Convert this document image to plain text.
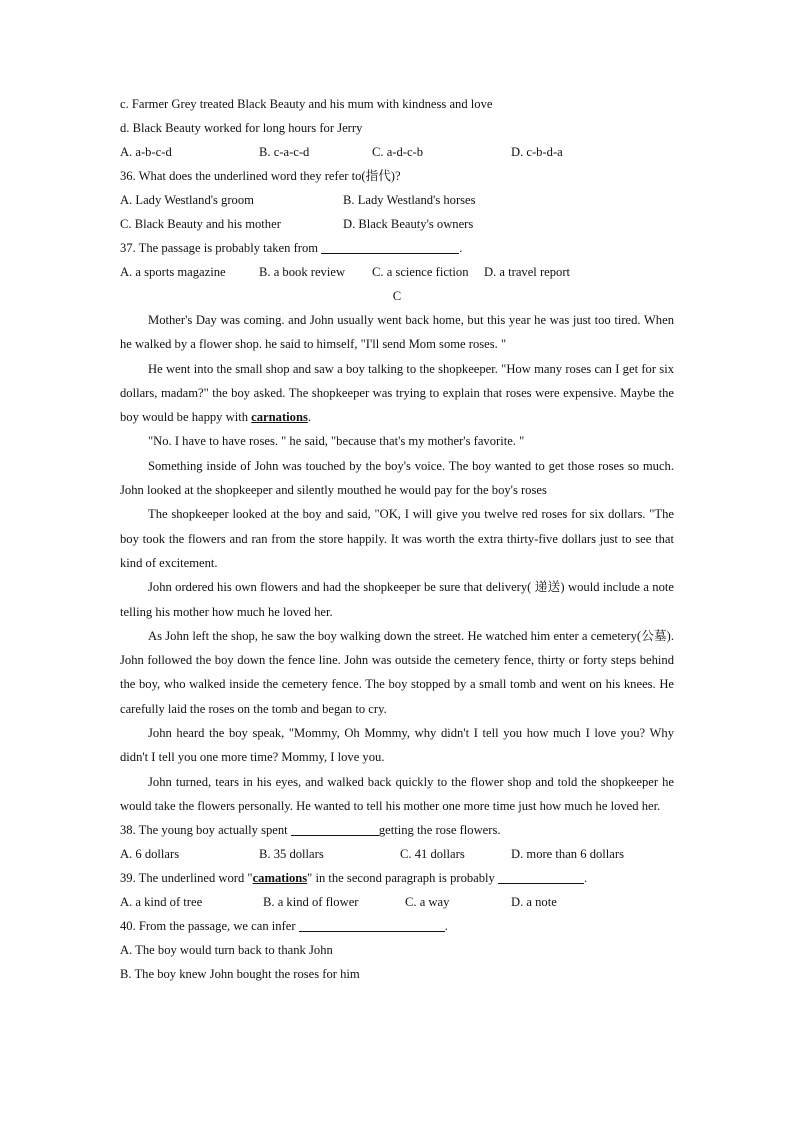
c. Farmer Grey treated Black Beauty and his mum with kindness and love
d. Black Beauty worked for long hours for Jerry
A. a-b-c-d	B. c-a-c-d	C. a-d-c-b	D. c-b-d-a
36. What does the underlined word they refer to(指代)?
A. Lady Westland's groom	B. Lady Westland's horses
C. Black Beauty and his mother	D. Black Beauty's owners
37. The passage is probably taken from	.
A. a sports magazine	B. a book review	C. a science fiction	D. a travel report
C

Mother's Day was coming. and John usually went back home, but this year he was just too tired. When he walked by a flower shop. he said to himself, "I'll send Mom some roses. "

He went into the small shop and saw a boy talking to the shopkeeper. "How many roses can I get for six dollars, madam?" the boy asked. The shopkeeper was trying to explain that roses were expensive. Maybe the boy would be happy with carnations.

"No. I have to have roses. " he said, "because that's my mother's favorite. "

Something inside of John was touched by the boy's voice. The boy wanted to get those roses so much. John looked at the shopkeeper and silently mouthed he would pay for the boy's roses

The shopkeeper looked at the boy and said, "OK, I will give you twelve red roses for six dollars. "The boy took the flowers and ran from the store happily. It was worth the extra thirty-five dollars just to see that kind of excitement.

John ordered his own flowers and had the shopkeeper be sure that delivery( 递送) would include a note telling his mother how much he loved her.

As John left the shop, he saw the boy walking down the street. He watched him enter a cemetery(公墓). John followed the boy down the fence line. John was outside the cemetery fence, thirty or forty steps behind the boy, who walked inside the cemetery fence. The boy stopped by a small tomb and went on his knees. He carefully laid the roses on the tomb and began to cry.

John heard the boy speak, "Mommy, Oh Mommy, why didn't I tell you how much I love you? Why didn't I tell you one more time? Mommy, I love you.

John turned, tears in his eyes, and walked back quickly to the flower shop and told the shopkeeper he would take the flowers personally. He wanted to tell his mother one more time just how much he loved her.

38. The young boy actually spent	getting the rose flowers.
A. 6 dollars	B. 35 dollars	C. 41 dollars	D. more than 6 dollars
39. The underlined word "camations" in the second paragraph is probably	.
A. a kind of tree	B. a kind of flower	C. a way	D. a note
40. From the passage, we can infer	.
A. The boy would turn back to thank John
B. The boy knew John bought the roses for him
